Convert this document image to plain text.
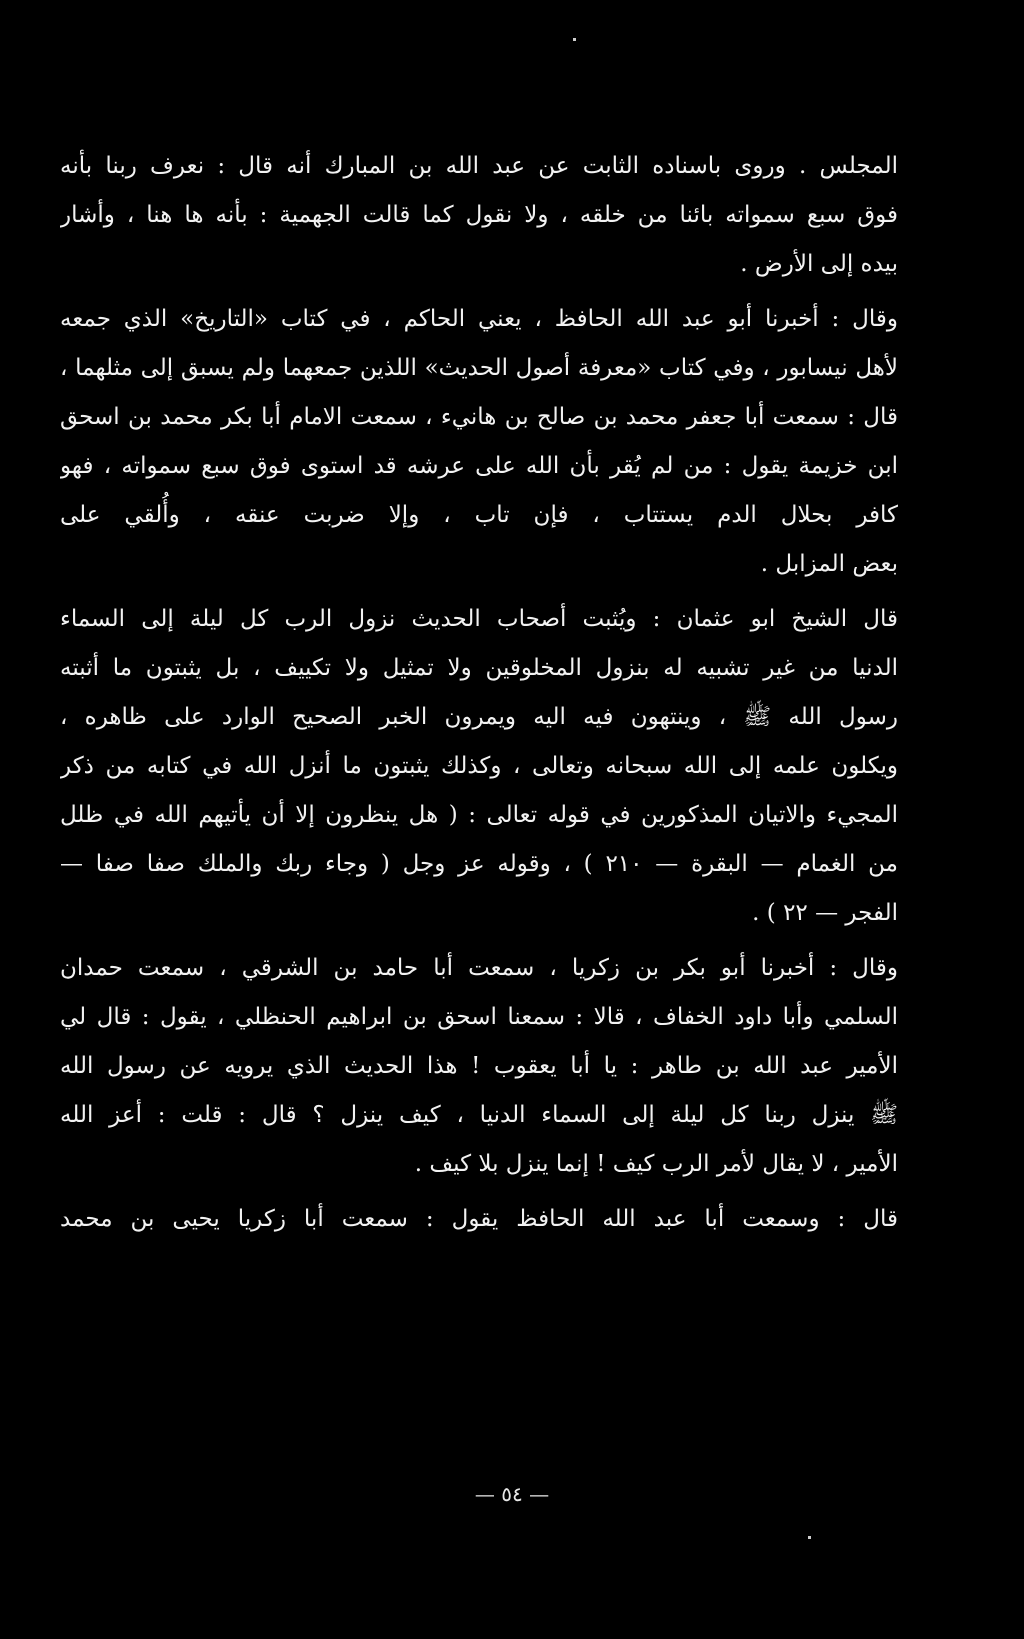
المجلس . وروى باسناده الثابت عن عبد الله بن المبارك أنه قال : نعرف ربنا بأنه
فوق سبع سمواته بائنا من خلقه ، ولا نقول كما قالت الجهمية : بأنه ها هنا ، وأشار
بيده إلى الأرض .
وقال : أخبرنا أبو عبد الله الحافظ ، يعني الحاكم ، في كتاب «التاريخ» الذي جمعه
لأهل نيسابور ، وفي كتاب «معرفة أصول الحديث» اللذين جمعهما ولم يسبق إلى مثلهما ،
قال : سمعت أبا جعفر محمد بن صالح بن هانيء ، سمعت الامام أبا بكر محمد بن اسحق
ابن خزيمة يقول : من لم يُقر بأن الله على عرشه قد استوى فوق سبع سمواته ، فهو
كافر بحلال الدم يستتاب ، فإن تاب ، وإلا ضربت عنقه ، وأُلقي على
بعض المزابل .
قال الشيخ ابو عثمان : ويُثبت أصحاب الحديث نزول الرب كل ليلة إلى السماء
الدنيا من غير تشبيه له بنزول المخلوقين ولا تمثيل ولا تكييف ، بل يثبتون ما أثبته
رسول الله ﷺ ، وينتهون فيه اليه ويمرون الخبر الصحيح الوارد على ظاهره ،
ويكلون علمه إلى الله سبحانه وتعالى ، وكذلك يثبتون ما أنزل الله في كتابه من ذكر
المجيء والاتيان المذكورين في قوله تعالى : ( هل ينظرون إلا أن يأتيهم الله في ظلل
من الغمام — البقرة — ٢١٠ ) ، وقوله عز وجل ( وجاء ربك والملك صفا صفا —
الفجر — ٢٢ ) .
وقال : أخبرنا أبو بكر بن زكريا ، سمعت أبا حامد بن الشرقي ، سمعت حمدان
السلمي وأبا داود الخفاف ، قالا : سمعنا اسحق بن ابراهيم الحنظلي ، يقول : قال لي
الأمير عبد الله بن طاهر : يا أبا يعقوب ! هذا الحديث الذي يرويه عن رسول الله
ﷺ ينزل ربنا كل ليلة إلى السماء الدنيا ، كيف ينزل ؟ قال : قلت : أعز الله
الأمير ، لا يقال لأمر الرب كيف ! إنما ينزل بلا كيف .
قال : وسمعت أبا عبد الله الحافظ يقول : سمعت أبا زكريا يحيى بن محمد
— ٥٤ —
